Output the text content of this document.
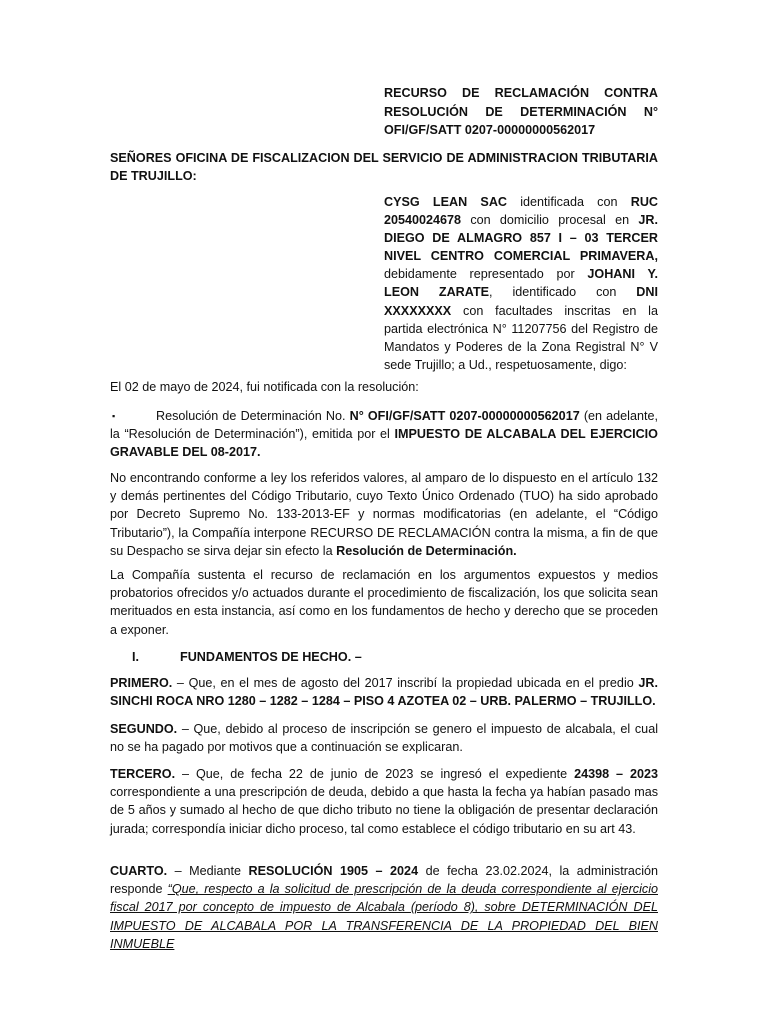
RECURSO DE RECLAMACIÓN CONTRA
RESOLUCIÓN DE DETERMINACIÓN N°
OFI/GF/SATT 0207-00000000562017

SEÑORES OFICINA DE FISCALIZACION DEL SERVICIO DE ADMINISTRACION TRIBUTARIA DE TRUJILLO:

CYSG LEAN SAC identificada con RUC 20540024678 con domicilio procesal en JR. DIEGO DE ALMAGRO 857 I – 03 TERCER NIVEL CENTRO COMERCIAL PRIMAVERA, debidamente representado por JOHANI Y. LEON ZARATE, identificado con DNI XXXXXXXX con facultades inscritas en la partida electrónica N° 11207756 del Registro de Mandatos y Poderes de la Zona Registral N° V sede Trujillo; a Ud., respetuosamente, digo:

El 02 de mayo de 2024, fui notificada con la resolución:

▪	Resolución de Determinación No. N° OFI/GF/SATT 0207-00000000562017 (en adelante, la “Resolución de Determinación”), emitida por el IMPUESTO DE ALCABALA DEL EJERCICIO GRAVABLE DEL 08-2017.

No encontrando conforme a ley los referidos valores, al amparo de lo dispuesto en el artículo 132 y demás pertinentes del Código Tributario, cuyo Texto Único Ordenado (TUO) ha sido aprobado por Decreto Supremo No. 133-2013-EF y normas modificatorias (en adelante, el “Código Tributario”), la Compañía interpone RECURSO DE RECLAMACIÓN contra la misma, a fin de que su Despacho se sirva dejar sin efecto la Resolución de Determinación.

La Compañía sustenta el recurso de reclamación en los argumentos expuestos y medios probatorios ofrecidos y/o actuados durante el procedimiento de fiscalización, los que solicita sean merituados en esta instancia, así como en los fundamentos de hecho y derecho que se proceden a exponer.

I.	FUNDAMENTOS DE HECHO. –

PRIMERO. – Que, en el mes de agosto del 2017 inscribí la propiedad ubicada en el predio JR. SINCHI ROCA NRO 1280 – 1282 – 1284 – PISO 4 AZOTEA 02 – URB. PALERMO – TRUJILLO.

SEGUNDO. – Que, debido al proceso de inscripción se genero el impuesto de alcabala, el cual no se ha pagado por motivos que a continuación se explicaran.

TERCERO. – Que, de fecha 22 de junio de 2023 se ingresó el expediente 24398 – 2023 correspondiente a una prescripción de deuda, debido a que hasta la fecha ya habían pasado mas de 5 años y sumado al hecho de que dicho tributo no tiene la obligación de presentar declaración jurada; correspondía iniciar dicho proceso, tal como establece el código tributario en su art 43.

CUARTO. – Mediante RESOLUCIÓN 1905 – 2024 de fecha 23.02.2024, la administración responde “Que, respecto a la solicitud de prescripción de la deuda correspondiente al ejercicio fiscal 2017 por concepto de impuesto de Alcabala (período 8), sobre DETERMINACIÓN DEL IMPUESTO DE ALCABALA POR LA TRANSFERENCIA DE LA PROPIEDAD DEL BIEN INMUEBLE
